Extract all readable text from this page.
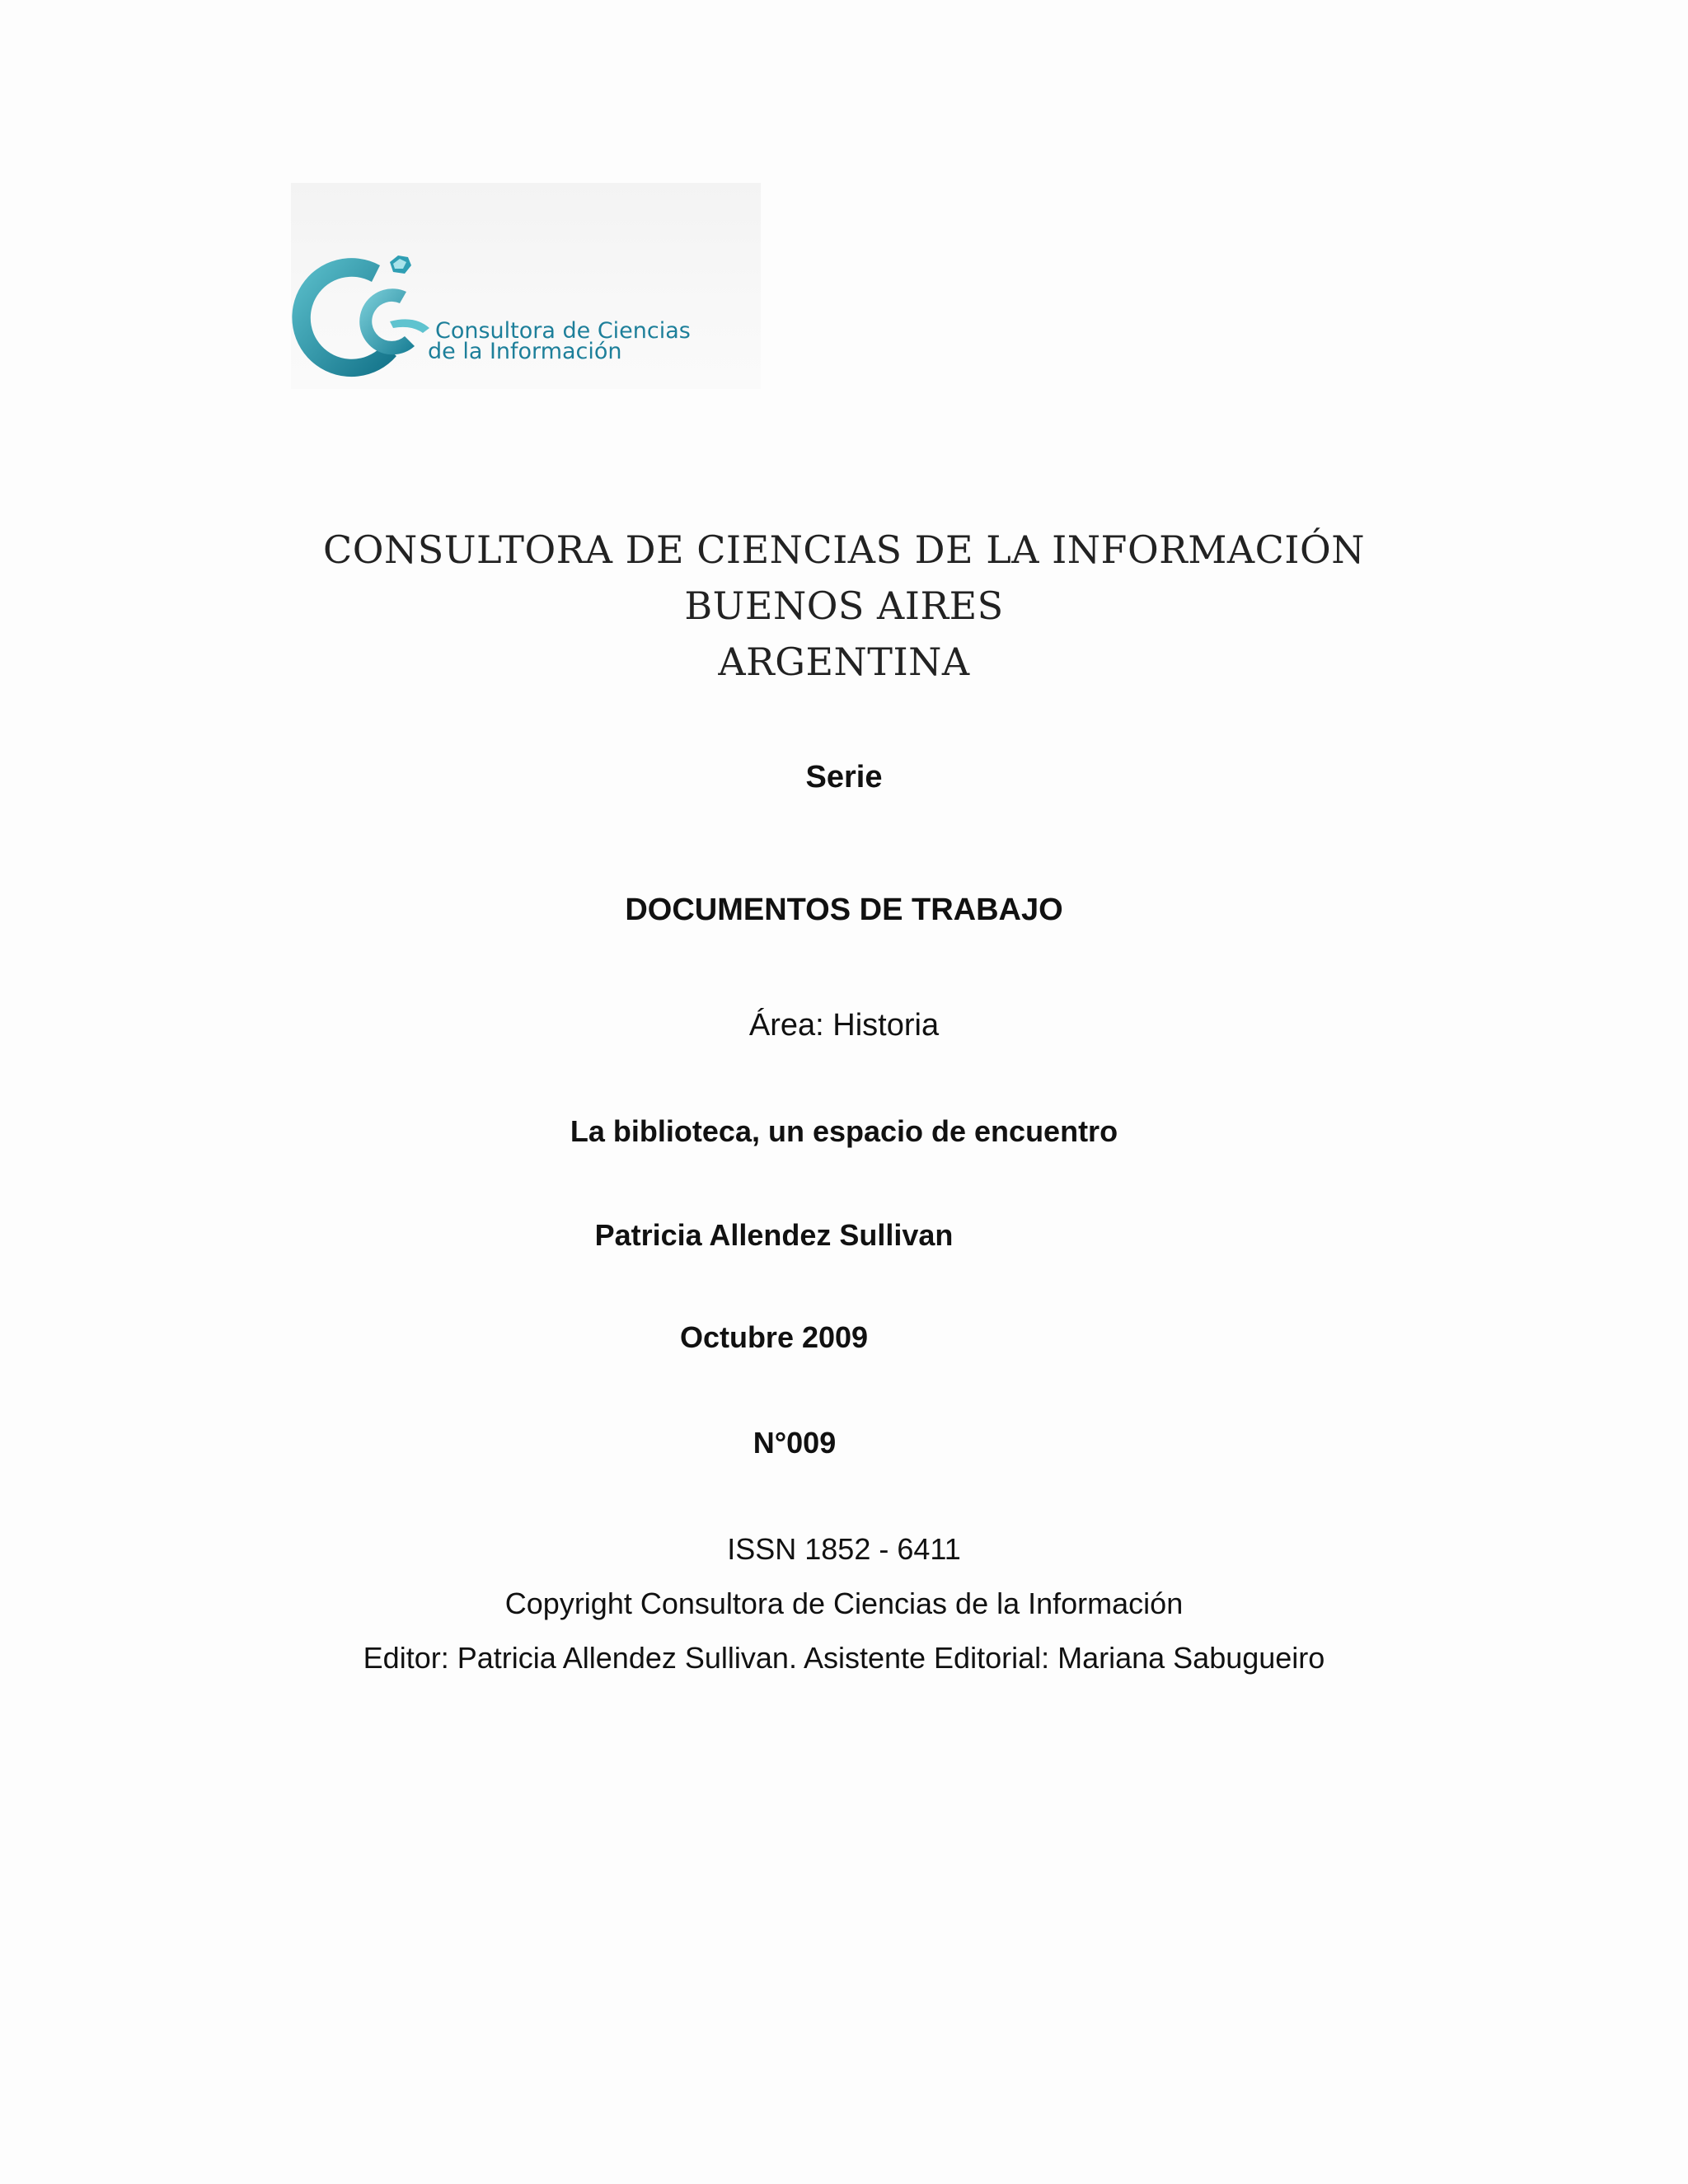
Consultora de Ciencias
de la Información
CONSULTORA DE CIENCIAS DE LA INFORMACIÓN
BUENOS AIRES
ARGENTINA
Serie
DOCUMENTOS DE TRABAJO
Área: Historia
La biblioteca, un espacio de encuentro
Patricia Allendez Sullivan
Octubre 2009
N°009
ISSN 1852 - 6411
Copyright Consultora de Ciencias de la Información
Editor: Patricia Allendez Sullivan. Asistente Editorial: Mariana Sabugueiro
